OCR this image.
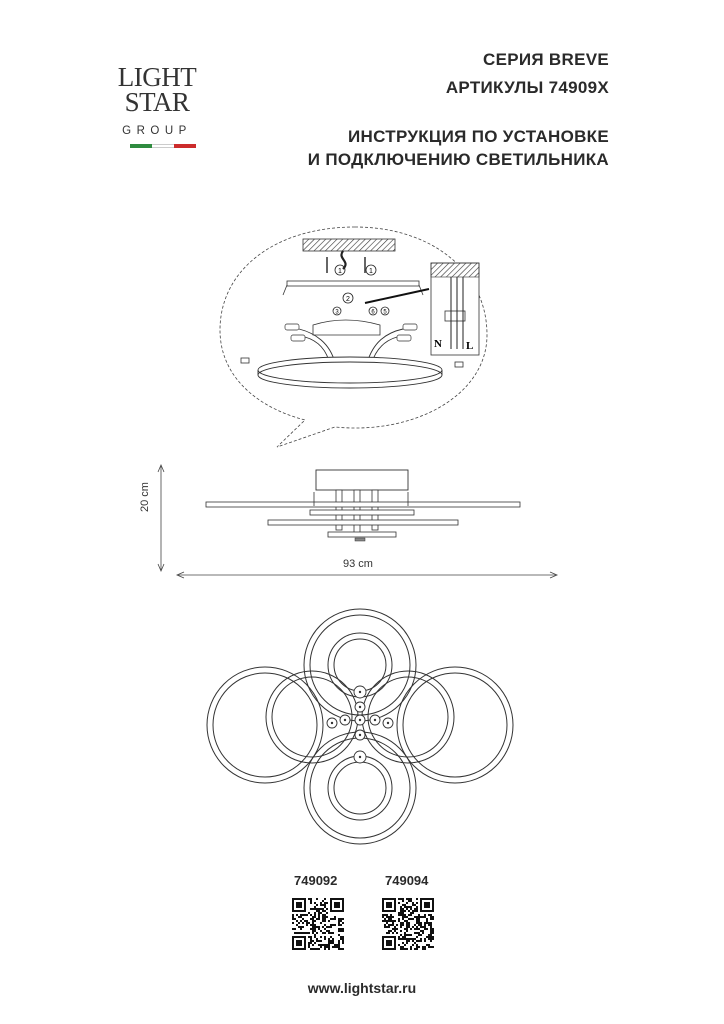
LIGHT
STAR
GROUP
СЕРИЯ BREVE
АРТИКУЛЫ 74909X
ИНСТРУКЦИЯ ПО УСТАНОВКЕ
И ПОДКЛЮЧЕНИЮ СВЕТИЛЬНИКА
1	1
2
3	5
6
N L
20 cm
93 cm
749092	749094
www.lightstar.ru
